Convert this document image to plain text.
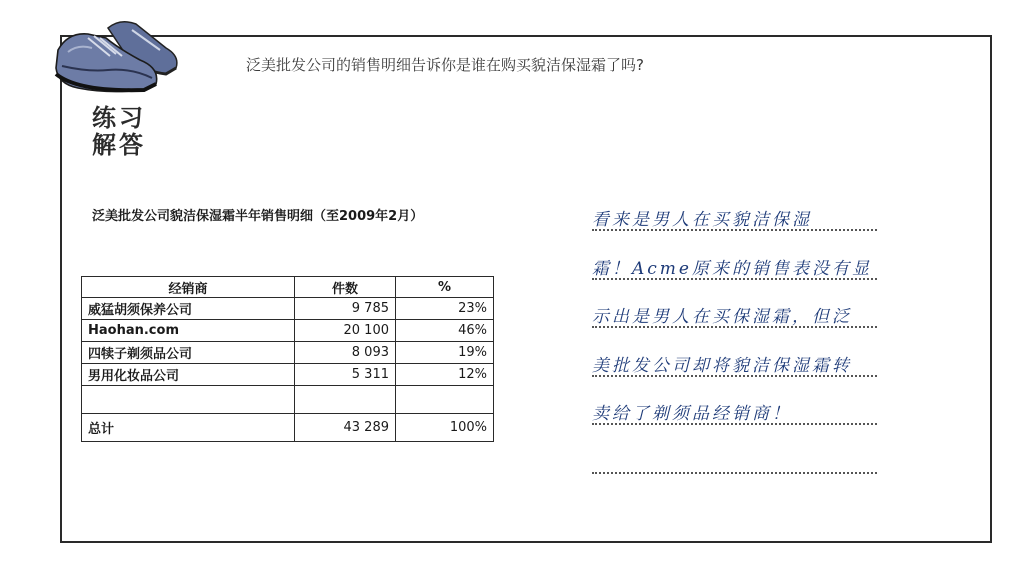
练习
解答
泛美批发公司的销售明细告诉你是谁在购买貌洁保湿霜了吗?
泛美批发公司貌洁保湿霜半年销售明细（至2009年2月）
经销商	件数	%
威猛胡须保养公司	9 785	23%
Haohan.com	20 100	46%
四犊子剃须品公司	8 093	19%
男用化妆品公司	5 311	12%

总计	43 289	100%
看来是男人在买貌洁保湿
霜！Acme原来的销售表没有显
示出是男人在买保湿霜，但泛
美批发公司却将貌洁保湿霜转
卖给了剃须品经销商！
